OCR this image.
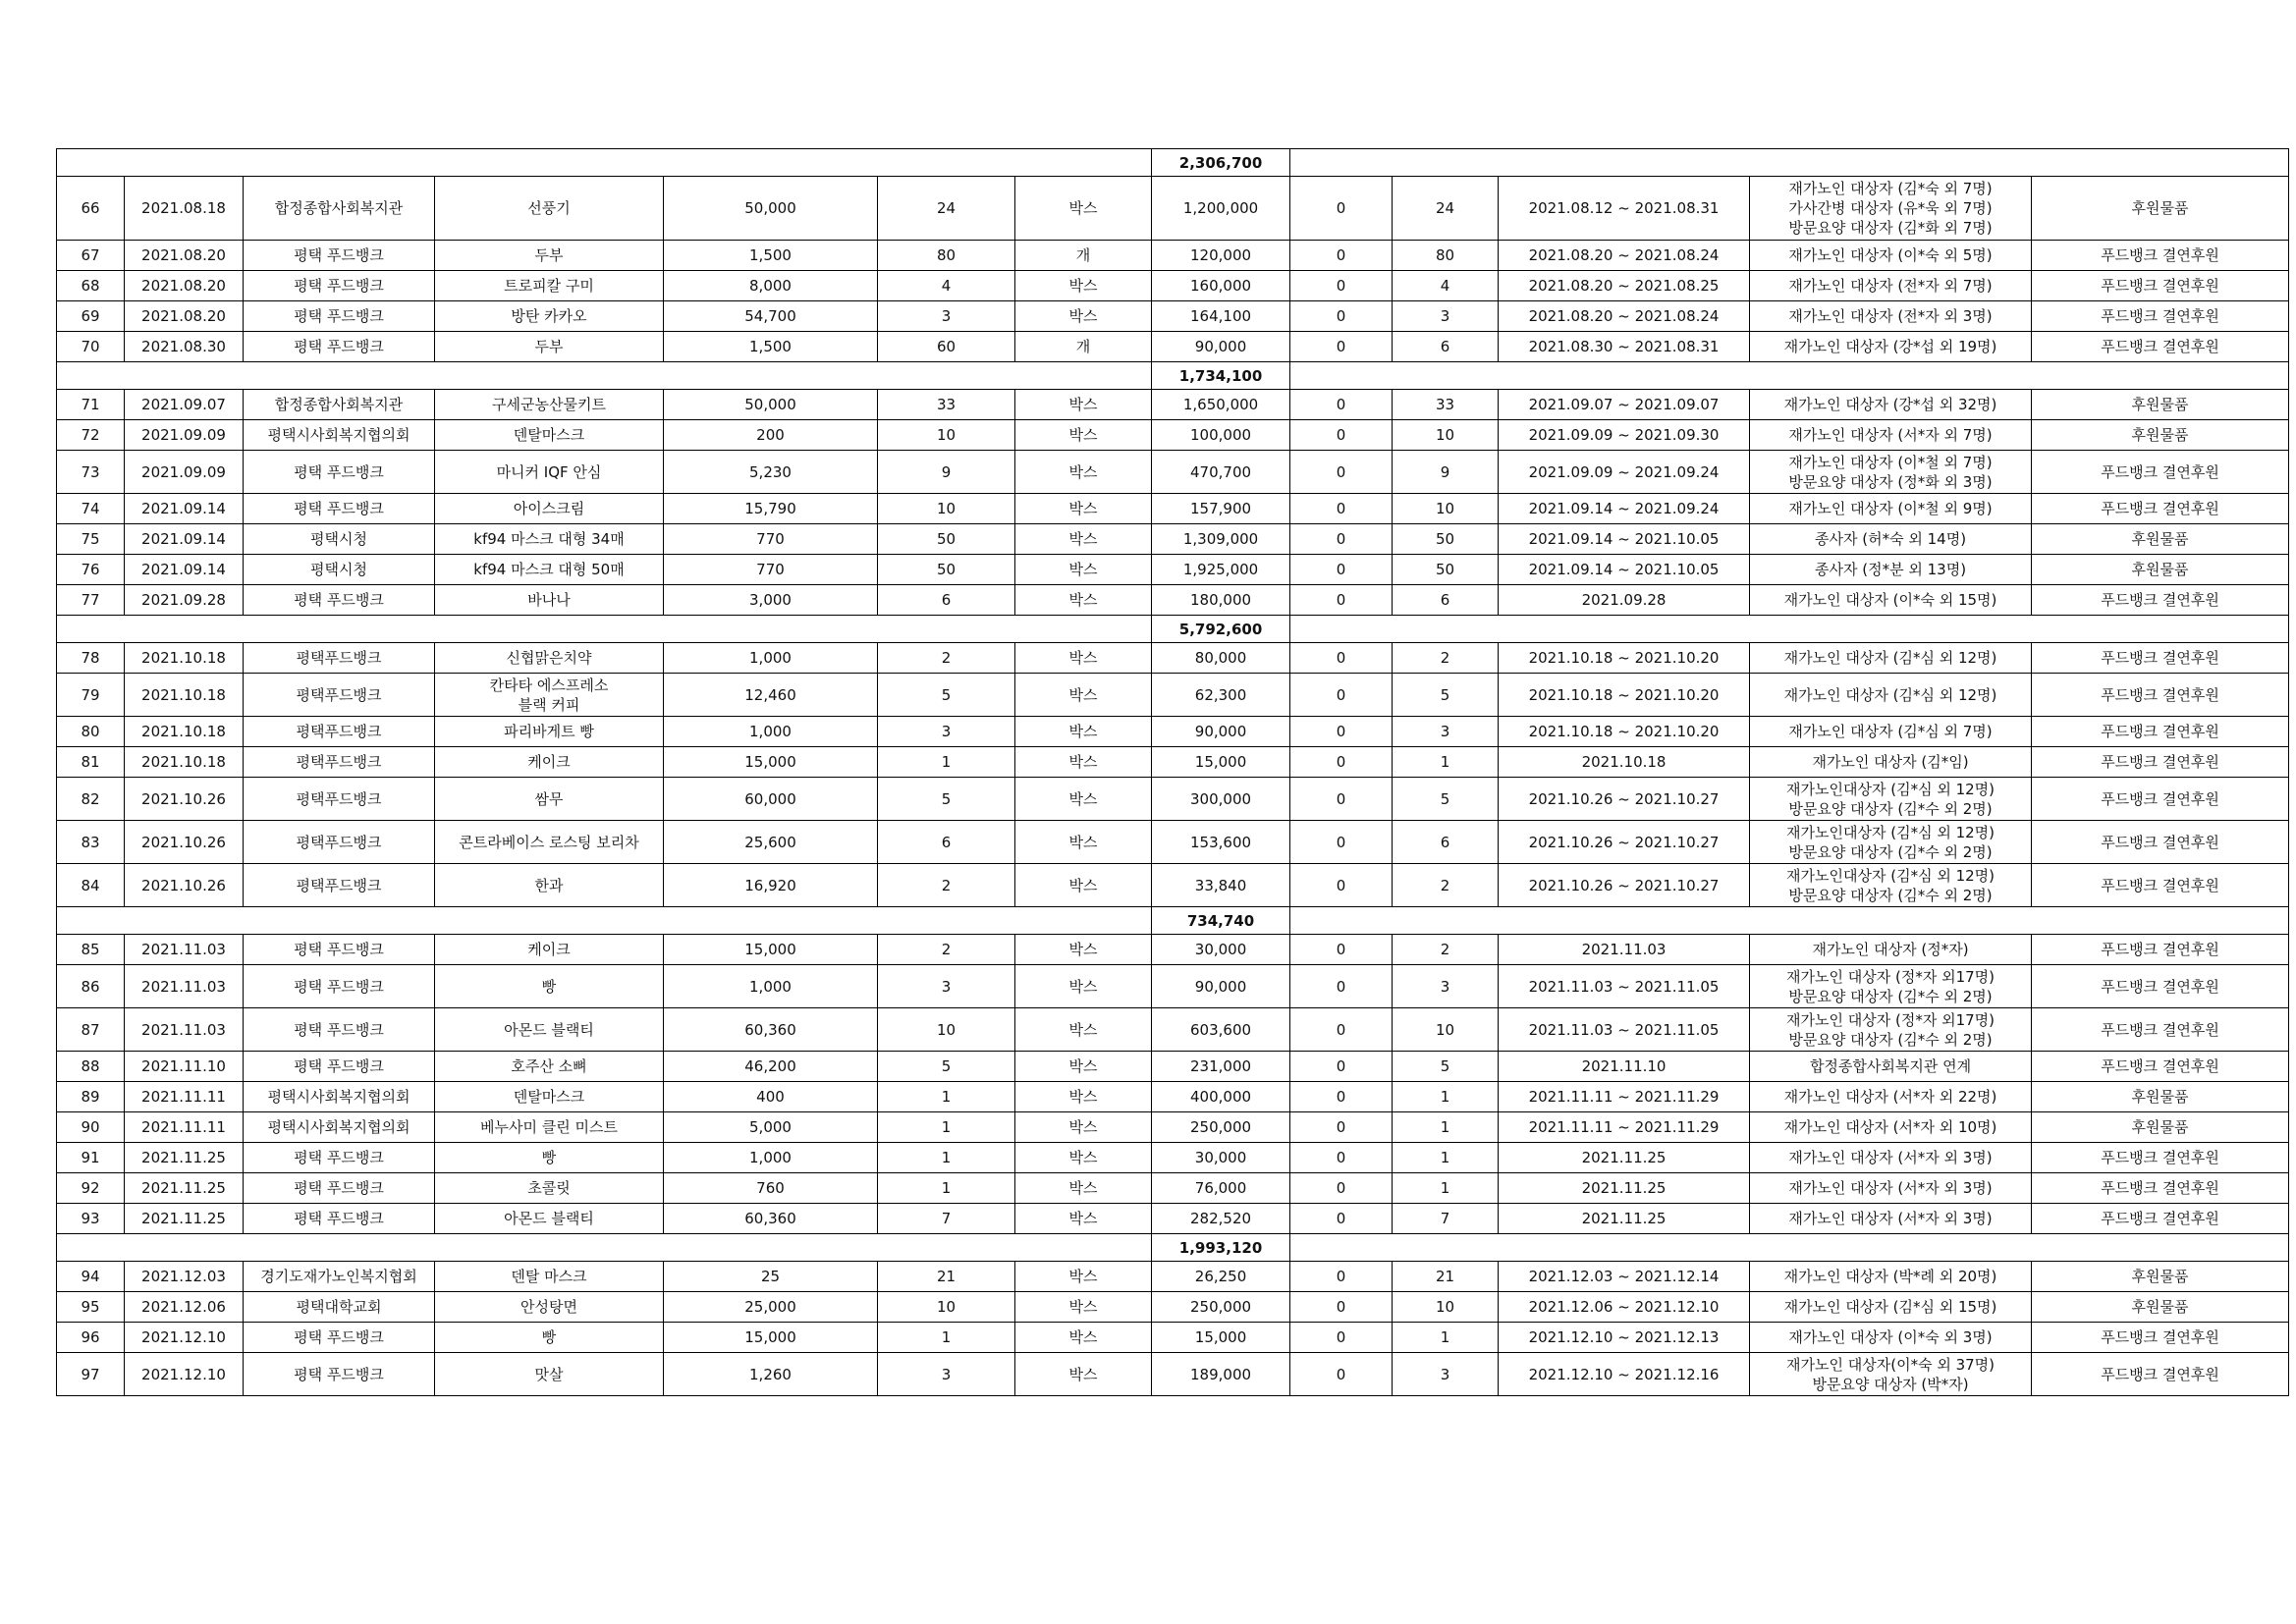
							2,306,700						
66	2021.08.18	합정종합사회복지관	선풍기	50,000	24	박스	1,200,000	0	24	2021.08.12 ~ 2021.08.31	재가노인 대상자 (김*숙 외 7명)
가사간병 대상자 (유*욱 외 7명)
방문요양 대상자 (김*화 외 7명)	후원물품	
67	2021.08.20	평택 푸드뱅크	두부	1,500	80	개	120,000	0	80	2021.08.20 ~ 2021.08.24	재가노인 대상자 (이*숙 외 5명)	푸드뱅크 결연후원	
68	2021.08.20	평택 푸드뱅크	트로피칼 구미	8,000	4	박스	160,000	0	4	2021.08.20 ~ 2021.08.25	재가노인 대상자 (전*자 외 7명)	푸드뱅크 결연후원	
69	2021.08.20	평택 푸드뱅크	방탄 카카오	54,700	3	박스	164,100	0	3	2021.08.20 ~ 2021.08.24	재가노인 대상자 (전*자 외 3명)	푸드뱅크 결연후원	
70	2021.08.30	평택 푸드뱅크	두부	1,500	60	개	90,000	0	6	2021.08.30 ~ 2021.08.31	재가노인 대상자 (강*섭 외 19명)	푸드뱅크 결연후원	
							1,734,100						
71	2021.09.07	합정종합사회복지관	구세군농산물키트	50,000	33	박스	1,650,000	0	33	2021.09.07 ~ 2021.09.07	재가노인 대상자 (강*섭 외 32명)	후원물품	
72	2021.09.09	평택시사회복지협의회	덴탈마스크	200	10	박스	100,000	0	10	2021.09.09 ~ 2021.09.30	재가노인 대상자 (서*자 외 7명)	후원물품	
73	2021.09.09	평택 푸드뱅크	마니커 IQF 안심	5,230	9	박스	470,700	0	9	2021.09.09 ~ 2021.09.24	재가노인 대상자 (이*철 외 7명)
방문요양 대상자 (정*화 외 3명)	푸드뱅크 결연후원	
74	2021.09.14	평택 푸드뱅크	아이스크림	15,790	10	박스	157,900	0	10	2021.09.14 ~ 2021.09.24	재가노인 대상자 (이*철 외 9명)	푸드뱅크 결연후원	
75	2021.09.14	평택시청	kf94 마스크 대형 34매	770	50	박스	1,309,000	0	50	2021.09.14 ~ 2021.10.05	종사자 (허*숙 외 14명)	후원물품	
76	2021.09.14	평택시청	kf94 마스크 대형 50매	770	50	박스	1,925,000	0	50	2021.09.14 ~ 2021.10.05	종사자 (정*분 외 13명)	후원물품	
77	2021.09.28	평택 푸드뱅크	바나나	3,000	6	박스	180,000	0	6	2021.09.28	재가노인 대상자 (이*숙 외 15명)	푸드뱅크 결연후원	
							5,792,600						
78	2021.10.18	평택푸드뱅크	신협맑은치약	1,000	2	박스	80,000	0	2	2021.10.18 ~ 2021.10.20	재가노인 대상자 (김*심 외 12명)	푸드뱅크 결연후원	
79	2021.10.18	평택푸드뱅크	칸타타 에스프레소
블랙 커피	12,460	5	박스	62,300	0	5	2021.10.18 ~ 2021.10.20	재가노인 대상자 (김*심 외 12명)	푸드뱅크 결연후원	
80	2021.10.18	평택푸드뱅크	파리바게트 빵	1,000	3	박스	90,000	0	3	2021.10.18 ~ 2021.10.20	재가노인 대상자 (김*심 외 7명)	푸드뱅크 결연후원	
81	2021.10.18	평택푸드뱅크	케이크	15,000	1	박스	15,000	0	1	2021.10.18	재가노인 대상자 (김*임)	푸드뱅크 결연후원	
82	2021.10.26	평택푸드뱅크	쌈무	60,000	5	박스	300,000	0	5	2021.10.26 ~ 2021.10.27	재가노인대상자 (김*심 외 12명)
방문요양 대상자 (김*수 외 2명)	푸드뱅크 결연후원	
83	2021.10.26	평택푸드뱅크	콘트라베이스 로스팅 보리차	25,600	6	박스	153,600	0	6	2021.10.26 ~ 2021.10.27	재가노인대상자 (김*심 외 12명)
방문요양 대상자 (김*수 외 2명)	푸드뱅크 결연후원	
84	2021.10.26	평택푸드뱅크	한과	16,920	2	박스	33,840	0	2	2021.10.26 ~ 2021.10.27	재가노인대상자 (김*심 외 12명)
방문요양 대상자 (김*수 외 2명)	푸드뱅크 결연후원	
							734,740						
85	2021.11.03	평택 푸드뱅크	케이크	15,000	2	박스	30,000	0	2	2021.11.03	재가노인 대상자 (정*자)	푸드뱅크 결연후원	
86	2021.11.03	평택 푸드뱅크	빵	1,000	3	박스	90,000	0	3	2021.11.03 ~ 2021.11.05	재가노인 대상자 (정*자 외17명)
방문요양 대상자 (김*수 외 2명)	푸드뱅크 결연후원	
87	2021.11.03	평택 푸드뱅크	아몬드 블랙티	60,360	10	박스	603,600	0	10	2021.11.03 ~ 2021.11.05	재가노인 대상자 (정*자 외17명)
방문요양 대상자 (김*수 외 2명)	푸드뱅크 결연후원	
88	2021.11.10	평택 푸드뱅크	호주산 소뼈	46,200	5	박스	231,000	0	5	2021.11.10	합정종합사회복지관 연계	푸드뱅크 결연후원	
89	2021.11.11	평택시사회복지협의회	덴탈마스크	400	1	박스	400,000	0	1	2021.11.11 ~ 2021.11.29	재가노인 대상자 (서*자 외 22명)	후원물품	
90	2021.11.11	평택시사회복지협의회	베누사미 클린 미스트	5,000	1	박스	250,000	0	1	2021.11.11 ~ 2021.11.29	재가노인 대상자 (서*자 외 10명)	후원물품	
91	2021.11.25	평택 푸드뱅크	빵	1,000	1	박스	30,000	0	1	2021.11.25	재가노인 대상자 (서*자 외 3명)	푸드뱅크 결연후원	
92	2021.11.25	평택 푸드뱅크	초콜릿	760	1	박스	76,000	0	1	2021.11.25	재가노인 대상자 (서*자 외 3명)	푸드뱅크 결연후원	
93	2021.11.25	평택 푸드뱅크	아몬드 블랙티	60,360	7	박스	282,520	0	7	2021.11.25	재가노인 대상자 (서*자 외 3명)	푸드뱅크 결연후원	
							1,993,120						
94	2021.12.03	경기도재가노인복지협회	덴탈 마스크	25	21	박스	26,250	0	21	2021.12.03 ~ 2021.12.14	재가노인 대상자 (박*례 외 20명)	후원물품	
95	2021.12.06	평택대학교회	안성탕면	25,000	10	박스	250,000	0	10	2021.12.06 ~ 2021.12.10	재가노인 대상자 (김*심 외 15명)	후원물품	
96	2021.12.10	평택 푸드뱅크	빵	15,000	1	박스	15,000	0	1	2021.12.10 ~ 2021.12.13	재가노인 대상자 (이*숙 외 3명)	푸드뱅크 결연후원	
97	2021.12.10	평택 푸드뱅크	맛살	1,260	3	박스	189,000	0	3	2021.12.10 ~ 2021.12.16	재가노인 대상자(이*숙 외 37명)
방문요양 대상자 (박*자)	푸드뱅크 결연후원	
